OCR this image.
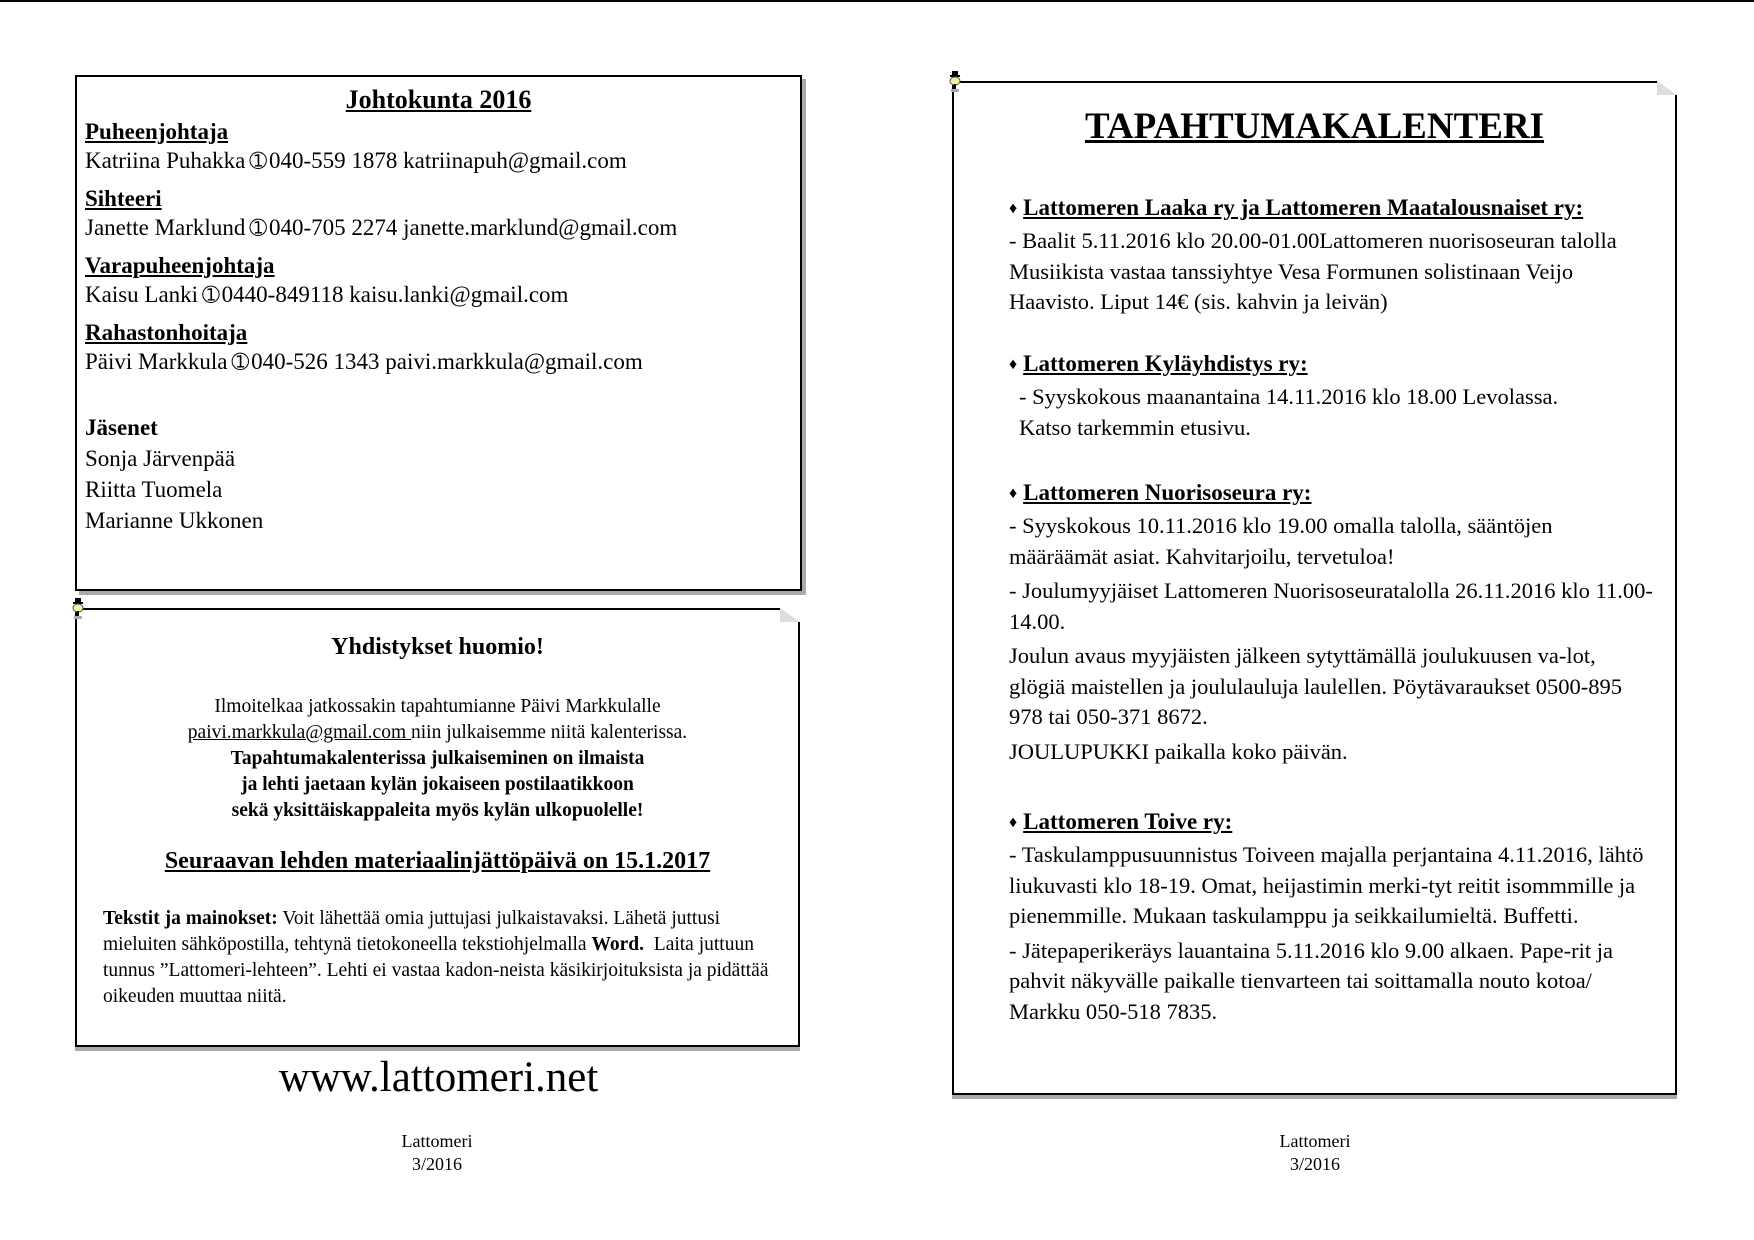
Johtokunta 2016
Puheenjohtaja
Katriina Puhakka ➀040-559 1878 katriinapuh@gmail.com
Sihteeri
Janette Marklund ➀040-705 2274 janette.marklund@gmail.com
Varapuheenjohtaja
Kaisu Lanki ➀0440-849118 kaisu.lanki@gmail.com
Rahastonhoitaja
Päivi Markkula ➀040-526 1343 paivi.markkula@gmail.com
Jäsenet
Sonja Järvenpää
Riitta Tuomela
Marianne Ukkonen
Yhdistykset huomio!
Ilmoitelkaa jatkossakin tapahtumianne Päivi Markkulalle
paivi.markkula@gmail.com niin julkaisemme niitä kalenterissa.
Tapahtumakalenterissa julkaiseminen on ilmaista
ja lehti jaetaan kylän jokaiseen postilaatikkoon
sekä yksittäiskappaleita myös kylän ulkopuolelle!
Seuraavan lehden materiaalinjättöpäivä on 15.1.2017
Tekstit ja mainokset: Voit lähettää omia juttujasi julkaistavaksi. Lähetä juttusi mieluiten sähköpostilla, tehtynä tietokoneella tekstiohjelmalla Word.  Laita juttuun tunnus ”Lattomeri-lehteen”. Lehti ei vastaa kadon-neista käsikirjoituksista ja pidättää oikeuden muuttaa niitä.
www.lattomeri.net
Lattomeri
3/2016
TAPAHTUMAKALENTERI
♦ Lattomeren Laaka ry ja Lattomeren Maatalousnaiset ry:
- Baalit 5.11.2016 klo 20.00-01.00Lattomeren nuorisoseuran talolla Musiikista vastaa tanssiyhtye Vesa Formunen solistinaan Veijo Haavisto. Liput 14€ (sis. kahvin ja leivän)
♦ Lattomeren Kyläyhdistys ry:
- Syyskokous maanantaina 14.11.2016 klo 18.00 Levolassa. Katso tarkemmin etusivu.
♦ Lattomeren Nuorisoseura ry:
- Syyskokous 10.11.2016 klo 19.00 omalla talolla, sääntöjen määräämät asiat. Kahvitarjoilu, tervetuloa!
- Joulumyyjäiset Lattomeren Nuorisoseuratalolla 26.11.2016 klo 11.00-14.00.
Joulun avaus myyjäisten jälkeen sytyttämällä joulukuusen va-lot, glögiä maistellen ja joululauluja laulellen. Pöytävaraukset 0500-895 978 tai 050-371 8672.
JOULUPUKKI paikalla koko päivän.
♦ Lattomeren Toive ry:
- Taskulamppusuunnistus Toiveen majalla perjantaina 4.11.2016, lähtö liukuvasti klo 18-19. Omat, heijastimin merki-tyt reitit isommmille ja pienemmille. Mukaan taskulamppu ja seikkailumieltä. Buffetti.
- Jätepaperikeräys lauantaina 5.11.2016 klo 9.00 alkaen. Pape-rit ja pahvit näkyvälle paikalle tienvarteen tai soittamalla nouto kotoa/ Markku 050-518 7835.
Lattomeri
3/2016
